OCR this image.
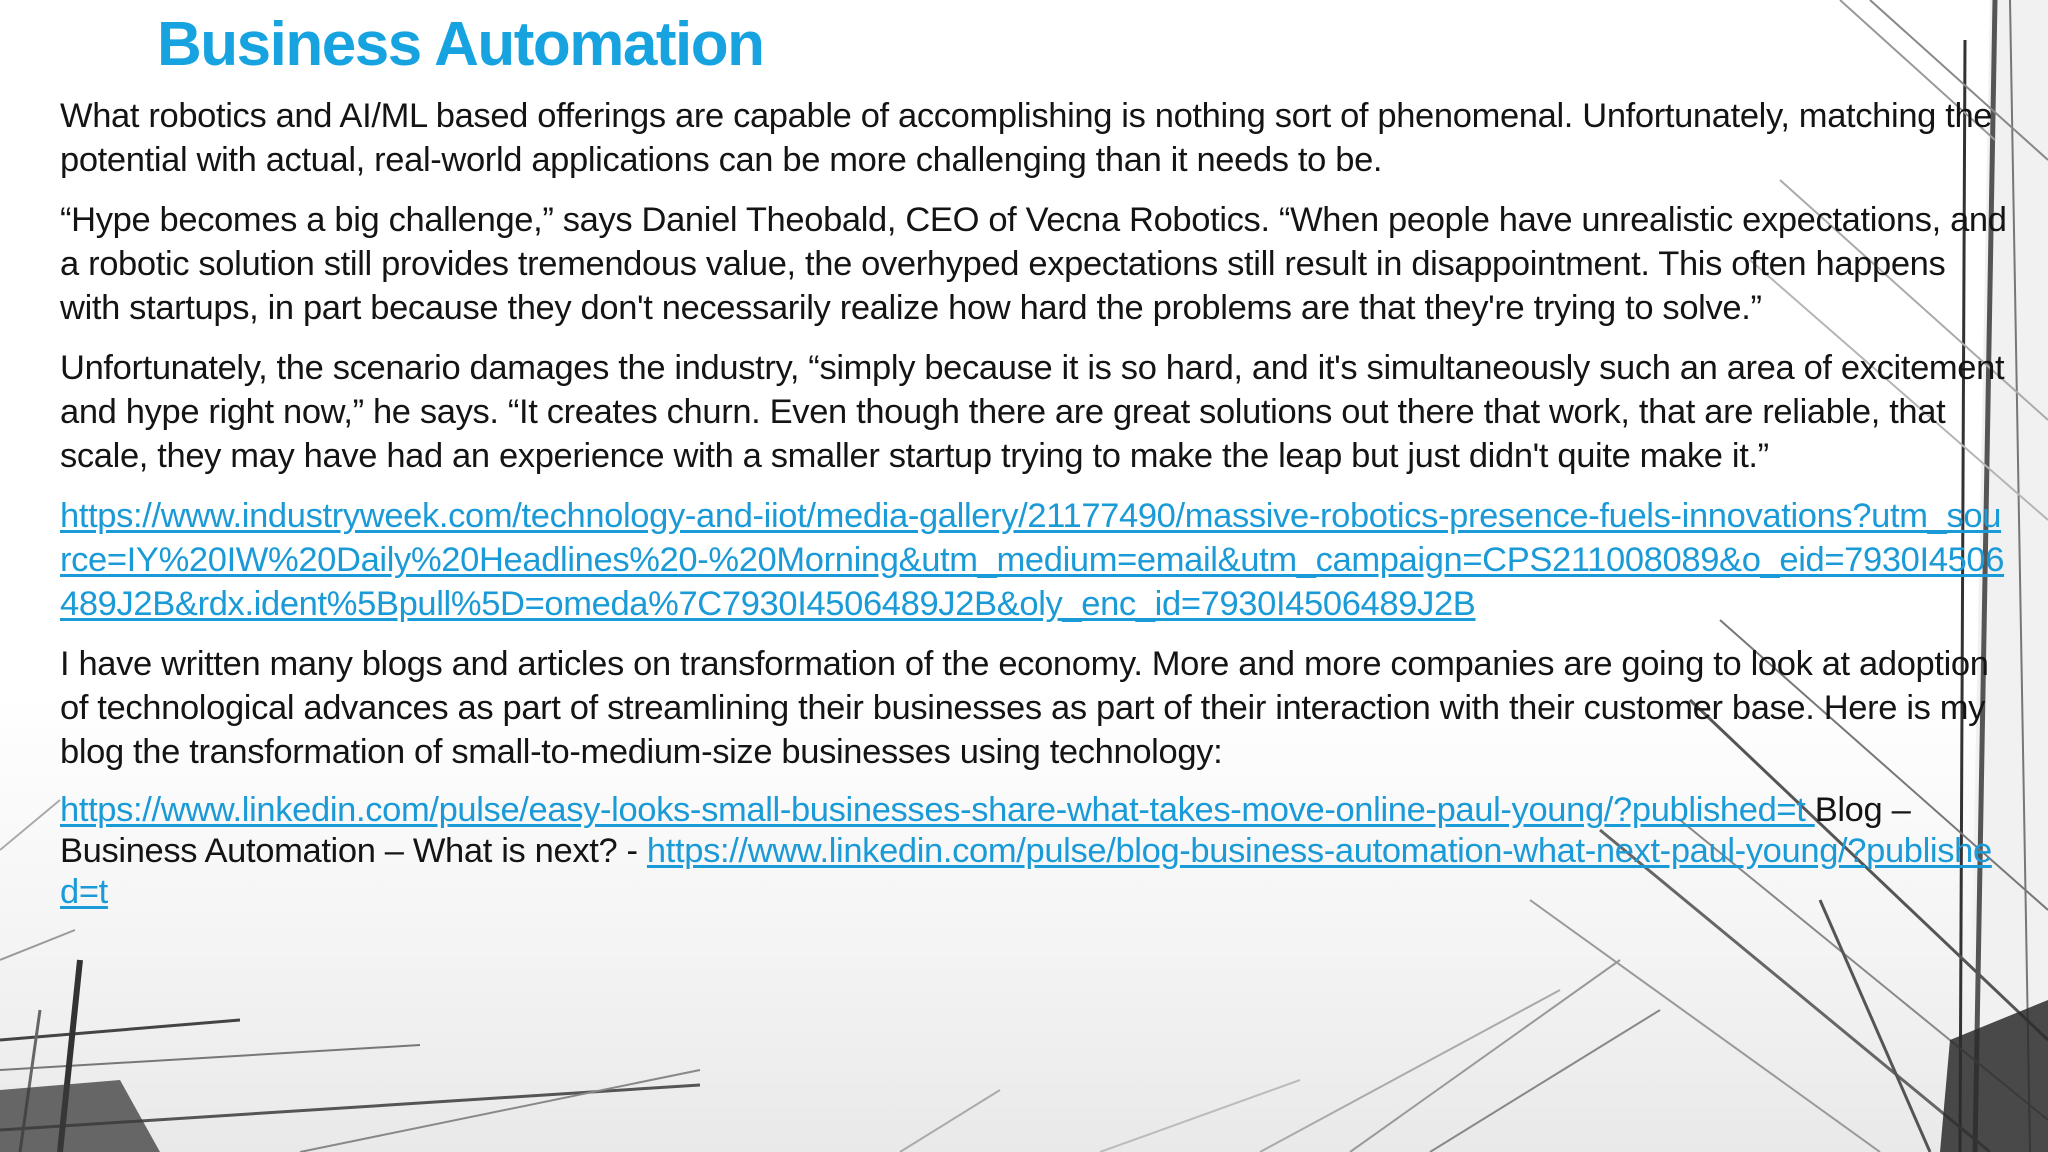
Business Automation

What robotics and AI/ML based offerings are capable of accomplishing is nothing sort of phenomenal. Unfortunately, matching the potential with actual, real-world applications can be more challenging than it needs to be.

“Hype becomes a big challenge,” says Daniel Theobald, CEO of Vecna Robotics. “When people have unrealistic expectations, and a robotic solution still provides tremendous value, the overhyped expectations still result in disappointment. This often happens with startups, in part because they don't necessarily realize how hard the problems are that they're trying to solve.”

Unfortunately, the scenario damages the industry, “simply because it is so hard, and it's simultaneously such an area of excitement and hype right now,” he says. “It creates churn. Even though there are great solutions out there that work, that are reliable, that scale, they may have had an experience with a smaller startup trying to make the leap but just didn't quite make it.”

https://www.industryweek.com/technology-and-iiot/media-gallery/21177490/massive-robotics-presence-fuels-innovations?utm_source=IY%20IW%20Daily%20Headlines%20-%20Morning&utm_medium=email&utm_campaign=CPS211008089&o_eid=7930I4506489J2B&rdx.ident%5Bpull%5D=omeda%7C7930I4506489J2B&oly_enc_id=7930I4506489J2B

I have written many blogs and articles on transformation of the economy. More and more companies are going to look at adoption of technological advances as part of streamlining their businesses as part of their interaction with their customer base. Here is my blog the transformation of small-to-medium-size businesses using technology:

https://www.linkedin.com/pulse/easy-looks-small-businesses-share-what-takes-move-online-paul-young/?published=t Blog – Business Automation – What is next? - https://www.linkedin.com/pulse/blog-business-automation-what-next-paul-young/?published=t
